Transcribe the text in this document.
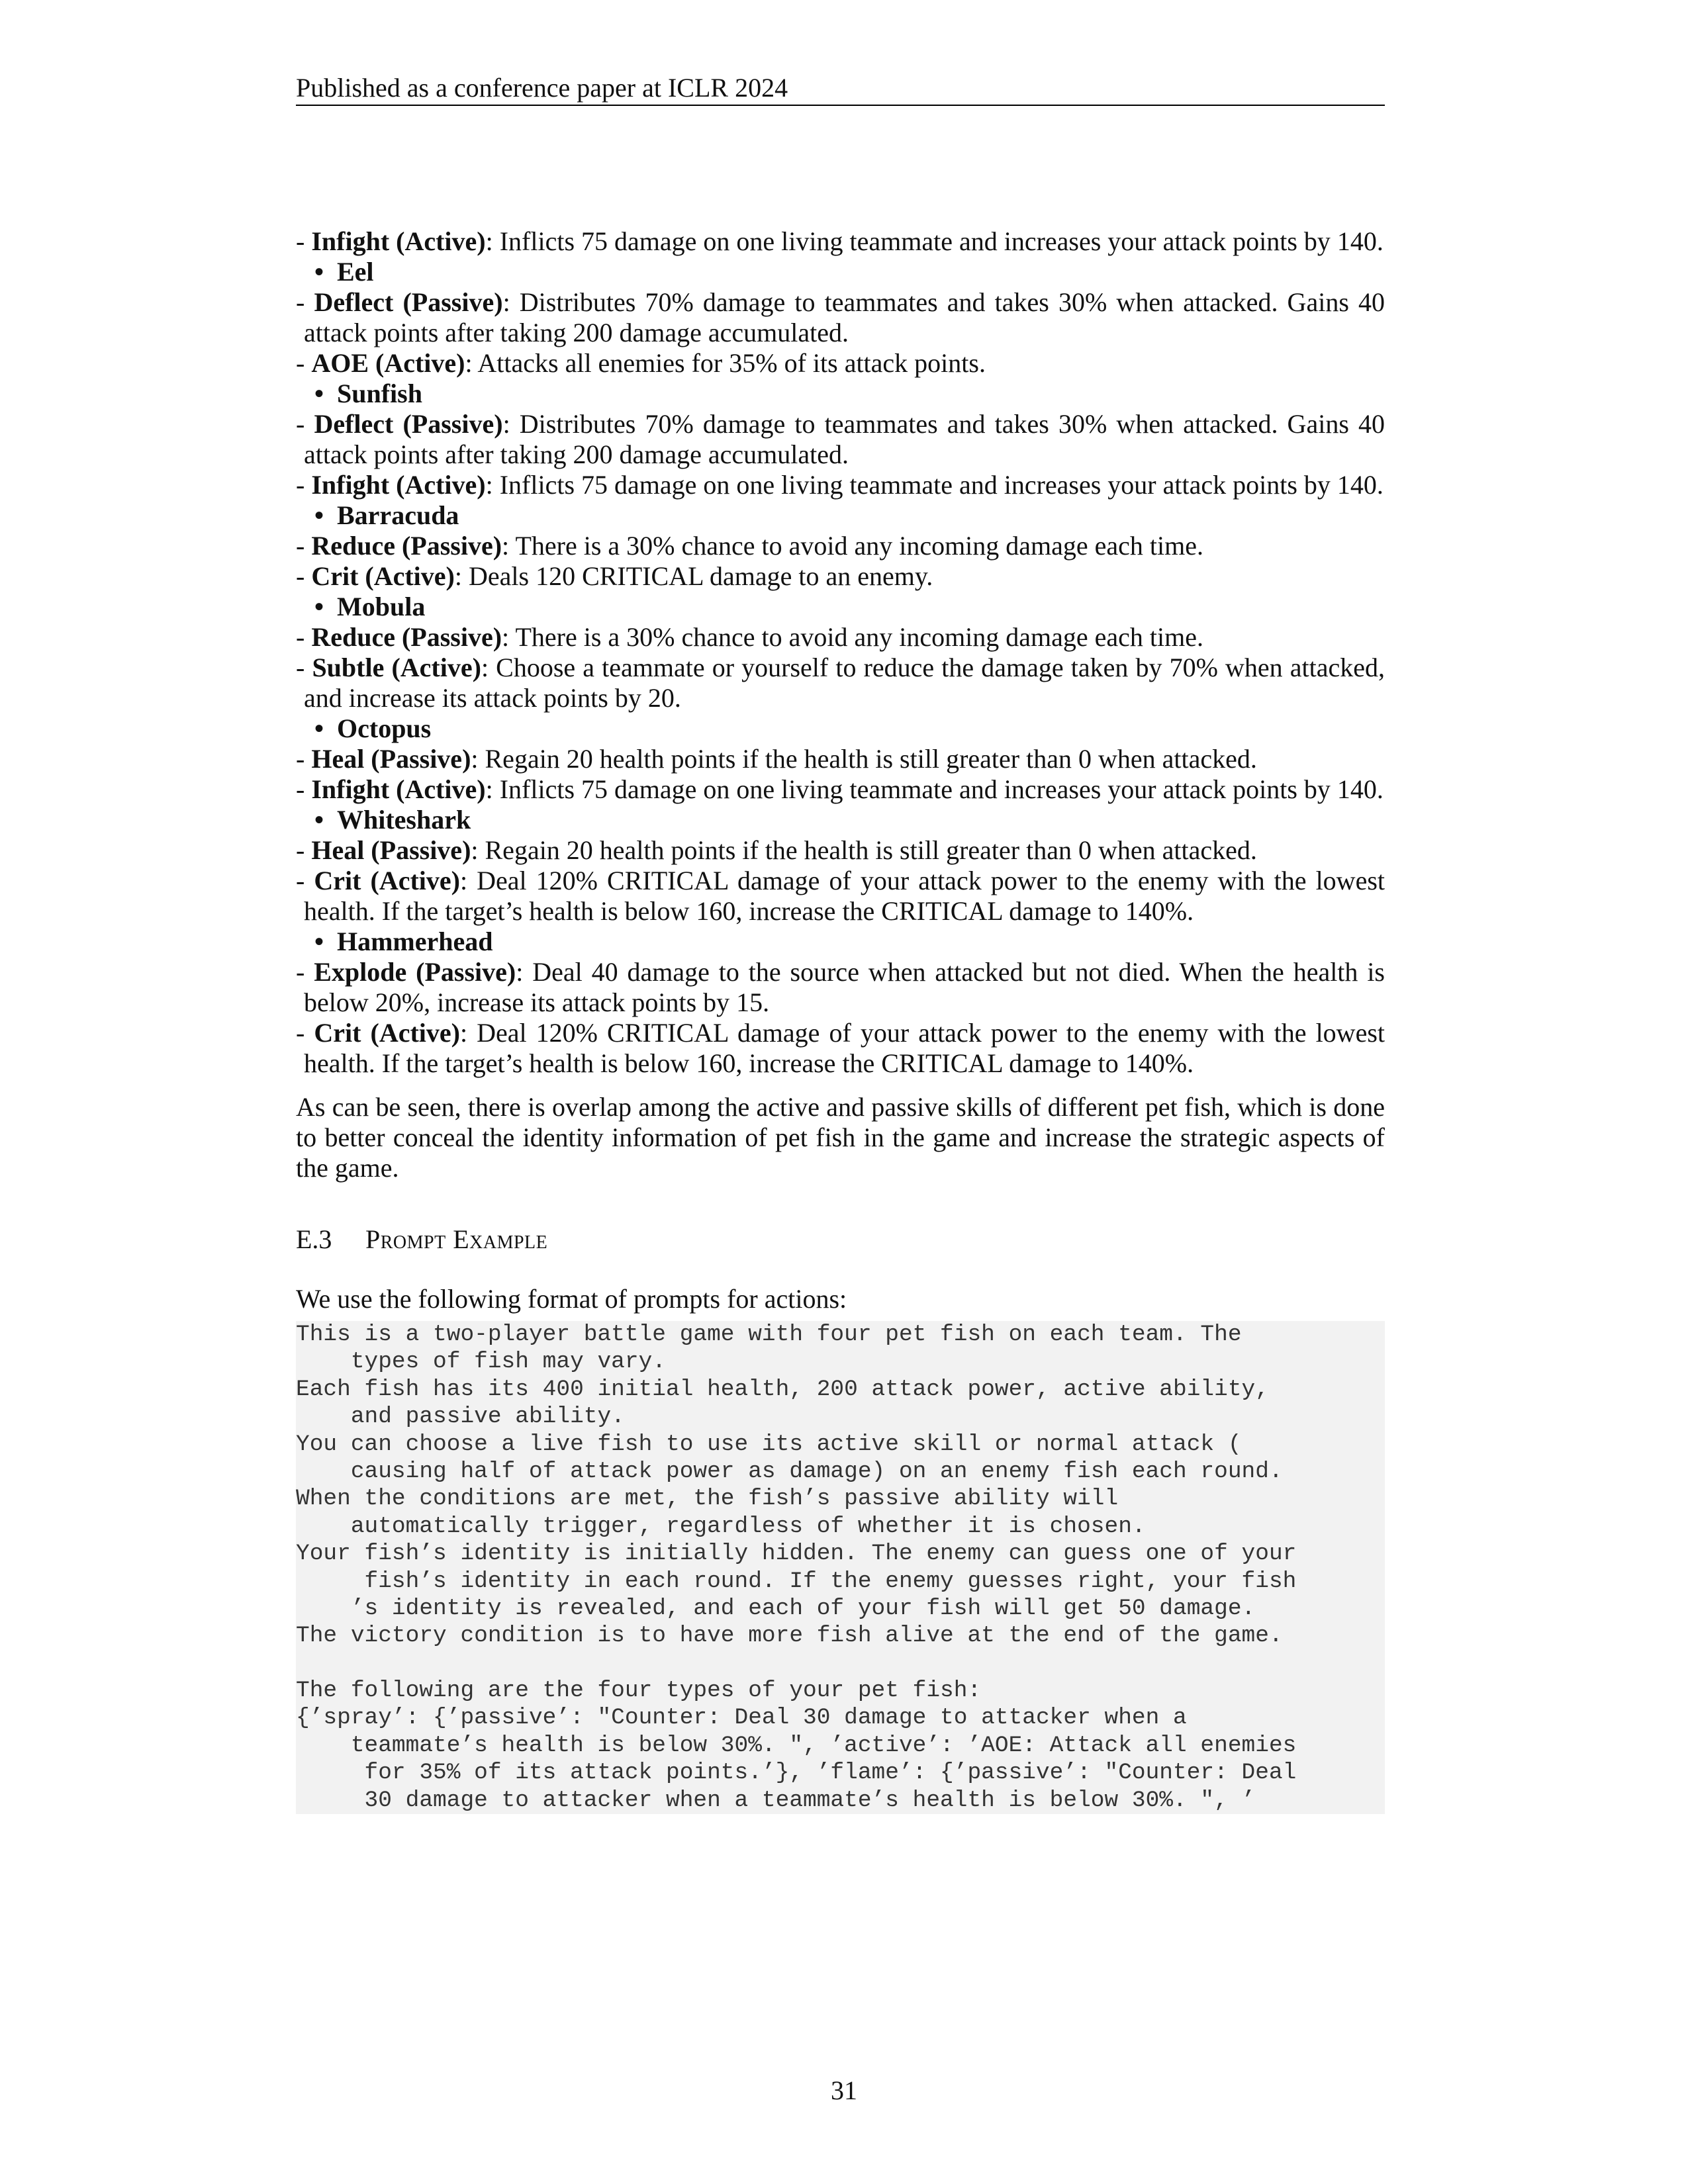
Published as a conference paper at ICLR 2024

- Infight (Active): Inflicts 75 damage on one living teammate and increases your attack points by 140.

• Eel

- Deflect (Passive): Distributes 70% damage to teammates and takes 30% when attacked. Gains 40 attack points after taking 200 damage accumulated.

- AOE (Active): Attacks all enemies for 35% of its attack points.

• Sunfish

- Deflect (Passive): Distributes 70% damage to teammates and takes 30% when attacked. Gains 40 attack points after taking 200 damage accumulated.

- Infight (Active): Inflicts 75 damage on one living teammate and increases your attack points by 140.

• Barracuda

- Reduce (Passive): There is a 30% chance to avoid any incoming damage each time.

- Crit (Active): Deals 120 CRITICAL damage to an enemy.

• Mobula

- Reduce (Passive): There is a 30% chance to avoid any incoming damage each time.

- Subtle (Active): Choose a teammate or yourself to reduce the damage taken by 70% when attacked, and increase its attack points by 20.

• Octopus

- Heal (Passive): Regain 20 health points if the health is still greater than 0 when attacked.

- Infight (Active): Inflicts 75 damage on one living teammate and increases your attack points by 140.

• Whiteshark

- Heal (Passive): Regain 20 health points if the health is still greater than 0 when attacked.

- Crit (Active): Deal 120% CRITICAL damage of your attack power to the enemy with the lowest health. If the target’s health is below 160, increase the CRITICAL damage to 140%.

• Hammerhead

- Explode (Passive): Deal 40 damage to the source when attacked but not died. When the health is below 20%, increase its attack points by 15.

- Crit (Active): Deal 120% CRITICAL damage of your attack power to the enemy with the lowest health. If the target’s health is below 160, increase the CRITICAL damage to 140%.

As can be seen, there is overlap among the active and passive skills of different pet fish, which is done to better conceal the identity information of pet fish in the game and increase the strategic aspects of the game.

E.3 Prompt Example

We use the following format of prompts for actions:

This is a two-player battle game with four pet fish on each team. The
types of fish may vary.
Each fish has its 400 initial health, 200 attack power, active ability,
and passive ability.
You can choose a live fish to use its active skill or normal attack (
causing half of attack power as damage) on an enemy fish each round.
When the conditions are met, the fish’s passive ability will
automatically trigger, regardless of whether it is chosen.
Your fish’s identity is initially hidden. The enemy can guess one of your
fish’s identity in each round. If the enemy guesses right, your fish
’s identity is revealed, and each of your fish will get 50 damage.
The victory condition is to have more fish alive at the end of the game.
The following are the four types of your pet fish:
{’spray’: {’passive’: "Counter: Deal 30 damage to attacker when a
teammate’s health is below 30%. ", ’active’: ’AOE: Attack all enemies
for 35% of its attack points.’}, ’flame’: {’passive’: "Counter: Deal
30 damage to attacker when a teammate’s health is below 30%. ", ’
31
